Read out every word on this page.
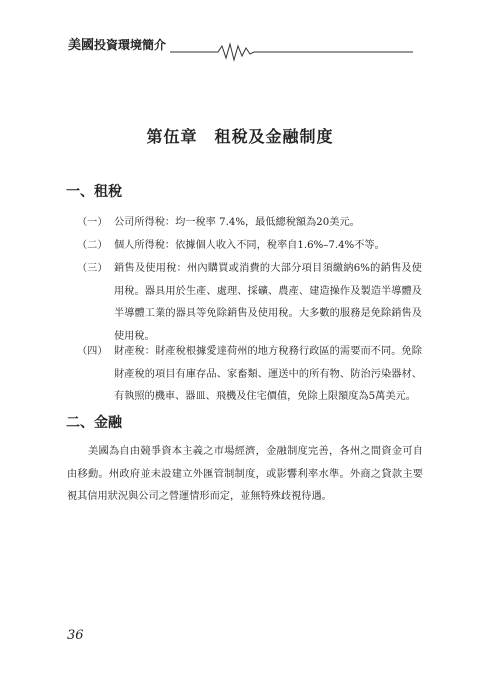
美國投資環境簡介
第伍章　租稅及金融制度
一、租稅
（一） 公司所得稅：均一稅率 7.4%，最低總稅額為20美元。
（二） 個人所得稅：依據個人收入不同，稅率自1.6%–7.4%不等。
（三） 銷售及使用稅：州內購買或消費的大部分項目須繳納6%的銷售及使用稅。器具用於生產、處理、採礦、農產、建造操作及製造半導體及半導體工業的器具等免除銷售及使用稅。大多數的服務是免除銷售及使用稅。
（四） 財產稅：財產稅根據愛達荷州的地方稅務行政區的需要而不同。免除財產稅的項目有庫存品、家畜類、運送中的所有物、防治污染器材、有執照的機車、器皿、飛機及住宅價值，免除上限額度為5萬美元。
二、金融
美國為自由競爭資本主義之市場經濟，金融制度完善，各州之間資金可自由移動。州政府並未設建立外匯管制制度，或影響利率水準。外商之貸款主要視其信用狀況與公司之營運情形而定，並無特殊歧視待遇。
36
